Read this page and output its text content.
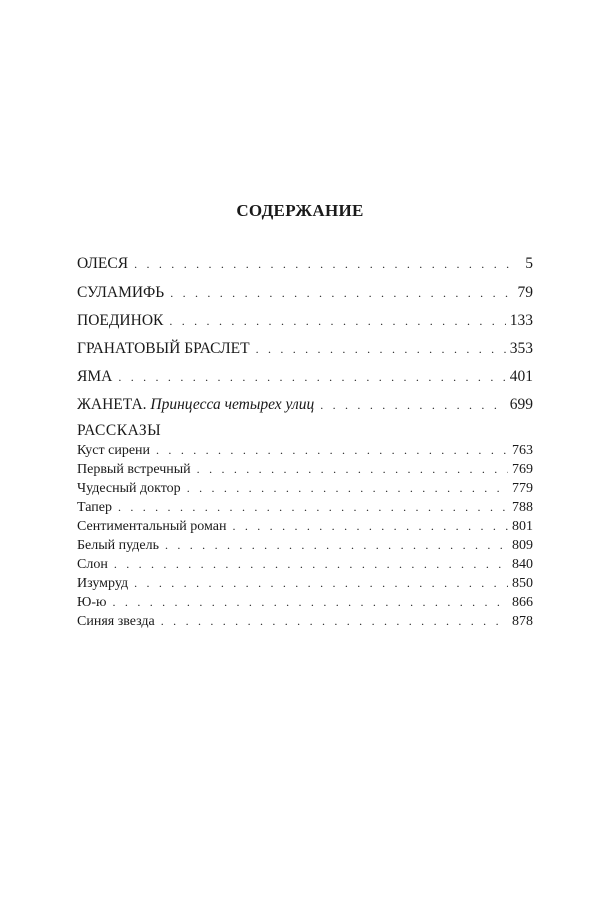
СОДЕРЖАНИЕ
ОЛЕСЯ . . .	5
СУЛАМИФЬ . . .	79
ПОЕДИНОК . . .	133
ГРАНАТОВЫЙ БРАСЛЕТ . . .	353
ЯМА . . .	401
ЖАНЕТА. Принцесса четырех улиц . . .	699
РАССКАЗЫ
Куст сирени . . .	763
Первый встречный . . .	769
Чудесный доктор . . .	779
Тапер . . .	788
Сентиментальный роман . . .	801
Белый пудель . . .	809
Слон . . .	840
Изумруд . . .	850
Ю-ю . . .	866
Синяя звезда . . .	878
